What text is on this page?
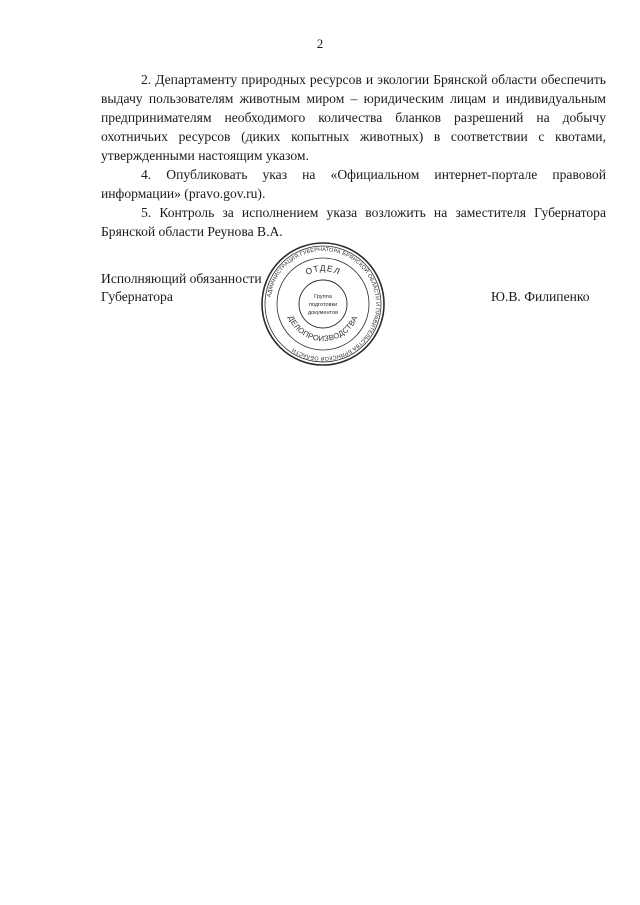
2

2. Департаменту природных ресурсов и экологии Брянской области обеспечить выдачу пользователям животным миром – юридическим лицам и индивидуальным предпринимателям необходимого количества бланков разрешений на добычу охотничьих ресурсов (диких копытных животных) в соответствии с квотами, утвержденными настоящим указом.

4. Опубликовать указ на «Официальном интернет-портале правовой информации» (pravo.gov.ru).

5. Контроль за исполнением указа возложить на заместителя Губернатора Брянской области Реунова В.А.

Исполняющий обязанности
Губернатора	Ю.В. Филипенко
АДМИНИСТРАЦИЯ ГУБЕРНАТОРА БРЯНСКОЙ ОБЛАСТИ И ПРАВИТЕЛЬСТВА БРЯНСКОЙ ОБЛАСТИ
ОТДЕЛ
ДЕЛОПРОИЗВОДСТВА
Группа
подготовки
документов
